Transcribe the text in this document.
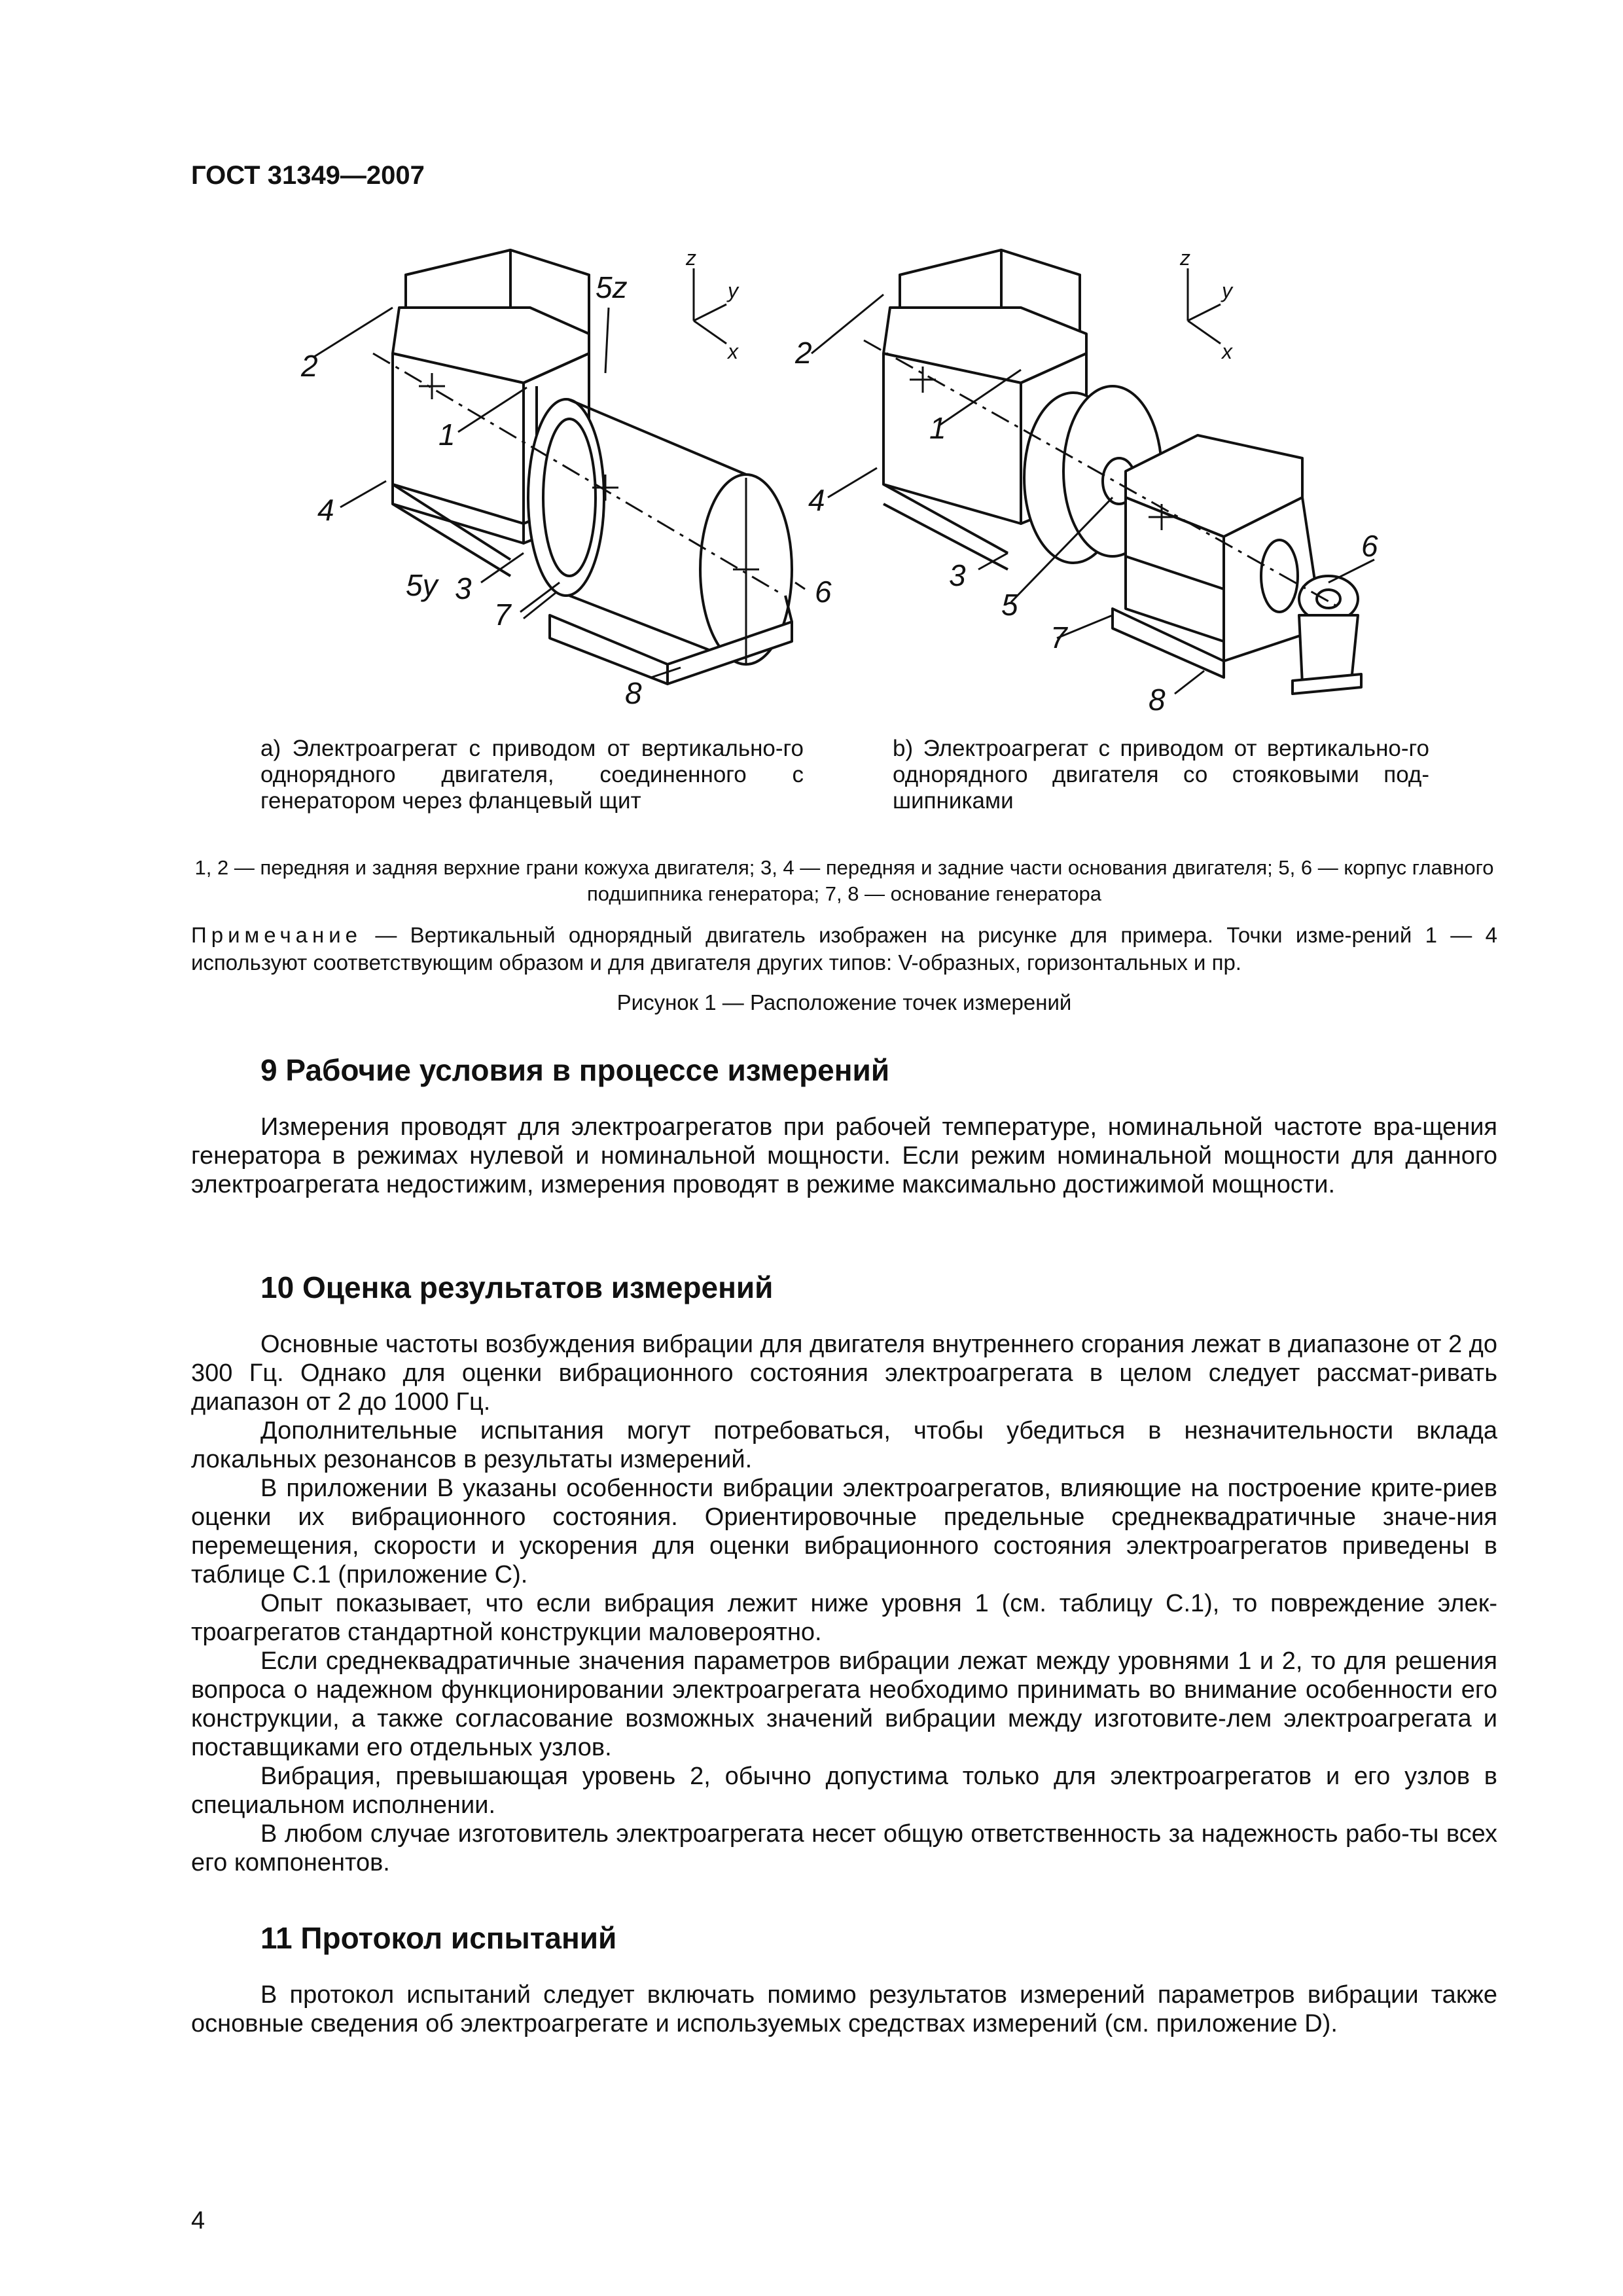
ГОСТ 31349—2007
2
1
4
5y 3
7
5z
6
8
2
1
4
3
5
7
6
8
z
y
x
z
y
x
a) Электроагрегат с приводом от вертикально-го однорядного двигателя, соединенного с генератором через фланцевый щит
b) Электроагрегат с приводом от вертикально-го однорядного двигателя со стояковыми под-шипниками
1, 2 — передняя и задняя верхние грани кожуха двигателя; 3, 4 — передняя и задние части основания двигателя; 5, 6 — корпус главного подшипника генератора; 7, 8 — основание генератора
Примечание — Вертикальный однорядный двигатель изображен на рисунке для примера. Точки изме-рений 1 — 4 используют соответствующим образом и для двигателя других типов: V-образных, горизонтальных и пр.
Рисунок 1 — Расположение точек измерений
9 Рабочие условия в процессе измерений

Измерения проводят для электроагрегатов при рабочей температуре, номинальной частоте вра-щения генератора в режимах нулевой и номинальной мощности. Если режим номинальной мощности для данного электроагрегата недостижим, измерения проводят в режиме максимально достижимой мощности.

10 Оценка результатов измерений

Основные частоты возбуждения вибрации для двигателя внутреннего сгорания лежат в диапазоне от 2 до 300 Гц. Однако для оценки вибрационного состояния электроагрегата в целом следует рассмат-ривать диапазон от 2 до 1000 Гц.

Дополнительные испытания могут потребоваться, чтобы убедиться в незначительности вклада локальных резонансов в результаты измерений.

В приложении В указаны особенности вибрации электроагрегатов, влияющие на построение крите-риев оценки их вибрационного состояния. Ориентировочные предельные среднеквадратичные значе-ния перемещения, скорости и ускорения для оценки вибрационного состояния электроагрегатов приведены в таблице С.1 (приложение С).

Опыт показывает, что если вибрация лежит ниже уровня 1 (см. таблицу С.1), то повреждение элек-троагрегатов стандартной конструкции маловероятно.

Если среднеквадратичные значения параметров вибрации лежат между уровнями 1 и 2, то для решения вопроса о надежном функционировании электроагрегата необходимо принимать во внимание особенности его конструкции, а также согласование возможных значений вибрации между изготовите-лем электроагрегата и поставщиками его отдельных узлов.

Вибрация, превышающая уровень 2, обычно допустима только для электроагрегатов и его узлов в специальном исполнении.

В любом случае изготовитель электроагрегата несет общую ответственность за надежность рабо-ты всех его компонентов.

11 Протокол испытаний

В протокол испытаний следует включать помимо результатов измерений параметров вибрации также основные сведения об электроагрегате и используемых средствах измерений (см. приложение D).

4
